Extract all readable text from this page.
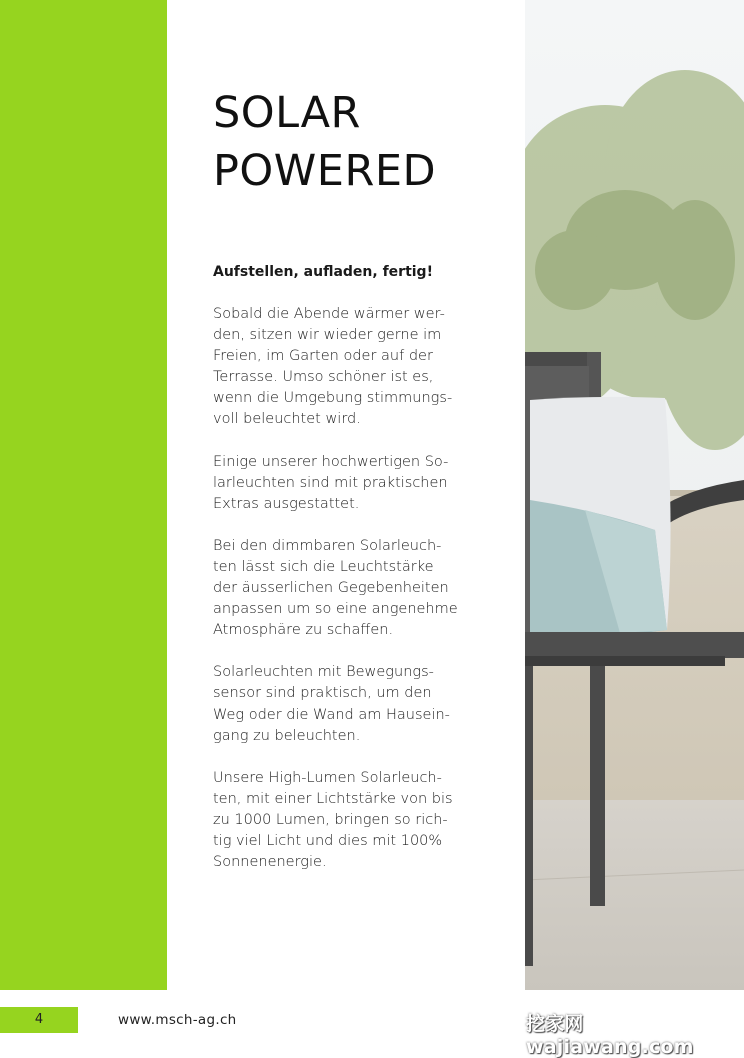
SOLAR
POWERED

Aufstellen, aufladen, fertig!

Sobald die Abende wärmer wer-
den, sitzen wir wieder gerne im
Freien, im Garten oder auf der
Terrasse. Umso schöner ist es,
wenn die Umgebung stimmungs-
voll beleuchtet wird.

Einige unserer hochwertigen So-
larleuchten sind mit praktischen
Extras ausgestattet.

Bei den dimmbaren Solarleuch-
ten lässt sich die Leuchtstärke
der äusserlichen Gegebenheiten
anpassen um so eine angenehme
Atmosphäre zu schaffen.

Solarleuchten mit Bewegungs-
sensor sind praktisch, um den
Weg oder die Wand am Hausein-
gang zu beleuchten.

Unsere High-Lumen Solarleuch-
ten, mit einer Lichtstärke von bis
zu 1000 Lumen, bringen so rich-
tig viel Licht und dies mit 100%
Sonnenenergie.

4	www.msch-ag.ch	挖家网 wajiawang.com
